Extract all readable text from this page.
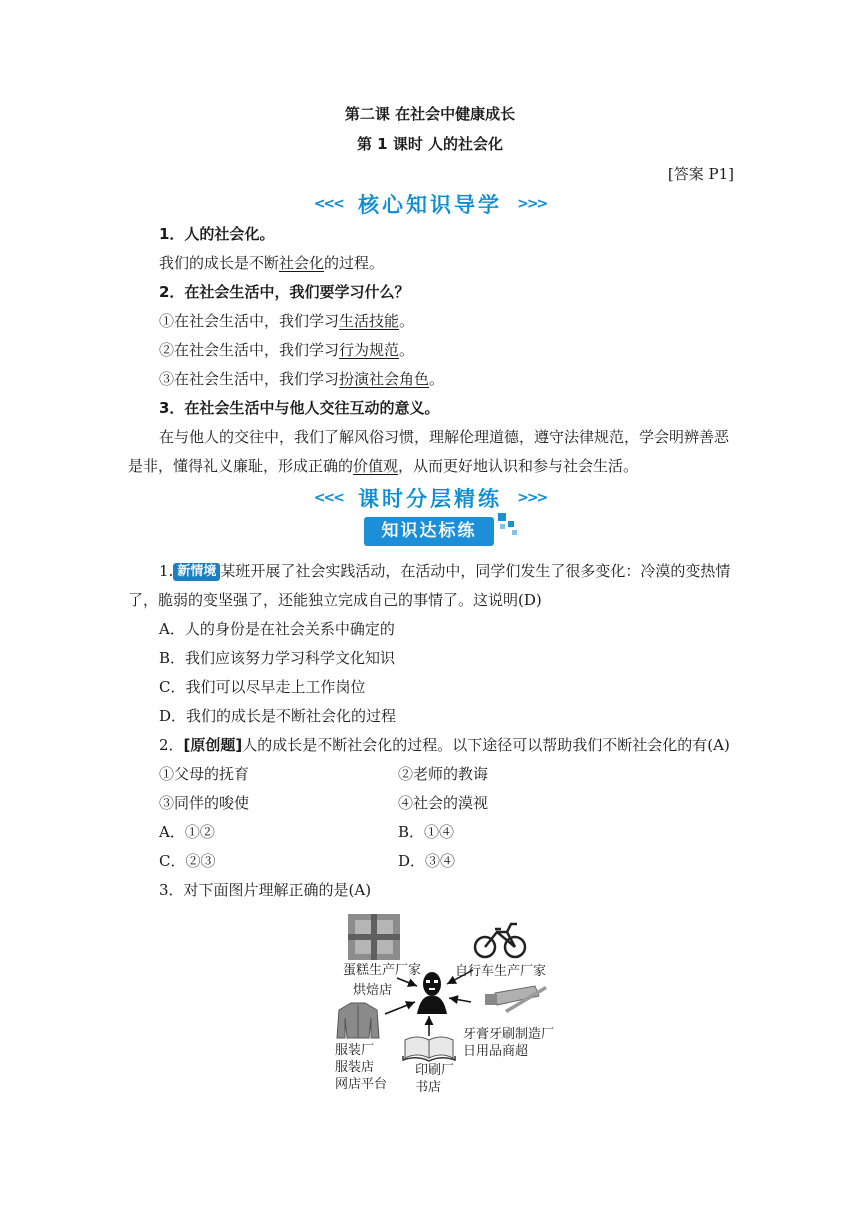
第二课 在社会中健康成长
第 1 课时 人的社会化
[答案 P1]
<<< 核心知识导学 >>>
1．人的社会化。
我们的成长是不断社会化的过程。
2．在社会生活中，我们要学习什么？
①在社会生活中，我们学习生活技能。
②在社会生活中，我们学习行为规范。
③在社会生活中，我们学习扮演社会角色。
3．在社会生活中与他人交往互动的意义。
在与他人的交往中，我们了解风俗习惯，理解伦理道德，遵守法律规范，学会明辨善恶
是非，懂得礼义廉耻，形成正确的价值观，从而更好地认识和参与社会生活。
<<< 课时分层精练 >>>
知识达标练
1. 新情境 某班开展了社会实践活动，在活动中，同学们发生了很多变化：冷漠的变热情
了，脆弱的变坚强了，还能独立完成自己的事情了。这说明(D)
A．人的身份是在社会关系中确定的
B．我们应该努力学习科学文化知识
C．我们可以尽早走上工作岗位
D．我们的成长是不断社会化的过程
2．[原创题]人的成长是不断社会化的过程。以下途径可以帮助我们不断社会化的有(A)
①父母的抚育	②老师的教诲
③同伴的唆使	④社会的漠视
A．①②	B．①④
C．②③	D．③④
3．对下面图片理解正确的是(A)
蛋糕生产厂家
烘焙店
自行车生产厂家
牙膏牙刷制造厂
日用品商超
服装厂
服装店
网店平台
印刷厂
书店
